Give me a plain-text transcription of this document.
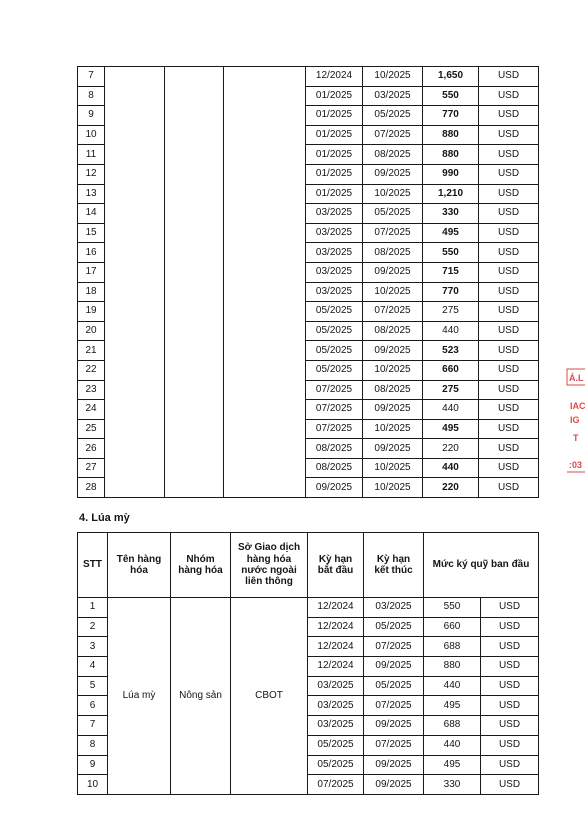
7				12/2024	10/2025	1,650	USD
8				01/2025	03/2025	550	USD
9				01/2025	05/2025	770	USD
10				01/2025	07/2025	880	USD
11				01/2025	08/2025	880	USD
12				01/2025	09/2025	990	USD
13				01/2025	10/2025	1,210	USD
14				03/2025	05/2025	330	USD
15				03/2025	07/2025	495	USD
16				03/2025	08/2025	550	USD
17				03/2025	09/2025	715	USD
18				03/2025	10/2025	770	USD
19				05/2025	07/2025	275	USD
20				05/2025	08/2025	440	USD
21				05/2025	09/2025	523	USD
22				05/2025	10/2025	660	USD
23				07/2025	08/2025	275	USD
24				07/2025	09/2025	440	USD
25				07/2025	10/2025	495	USD
26				08/2025	09/2025	220	USD
27				08/2025	10/2025	440	USD
28				09/2025	10/2025	220	USD
4. Lúa mỳ
STT	Tên hàng hóa	Nhóm hàng hóa	Sở Giao dịch hàng hóa nước ngoài liên thông	Kỳ hạn bắt đầu	Kỳ hạn kết thúc	Mức ký quỹ ban đầu	
1	Lúa mỳ	Nông sản	CBOT	12/2024	03/2025	550	USD
2				12/2024	05/2025	660	USD
3				12/2024	07/2025	688	USD
4				12/2024	09/2025	880	USD
5				03/2025	05/2025	440	USD
6				03/2025	07/2025	495	USD
7				03/2025	09/2025	688	USD
8				05/2025	07/2025	440	USD
9				05/2025	09/2025	495	USD
10				07/2025	09/2025	330	USD
Á.L
IAC
IG
T
:03
